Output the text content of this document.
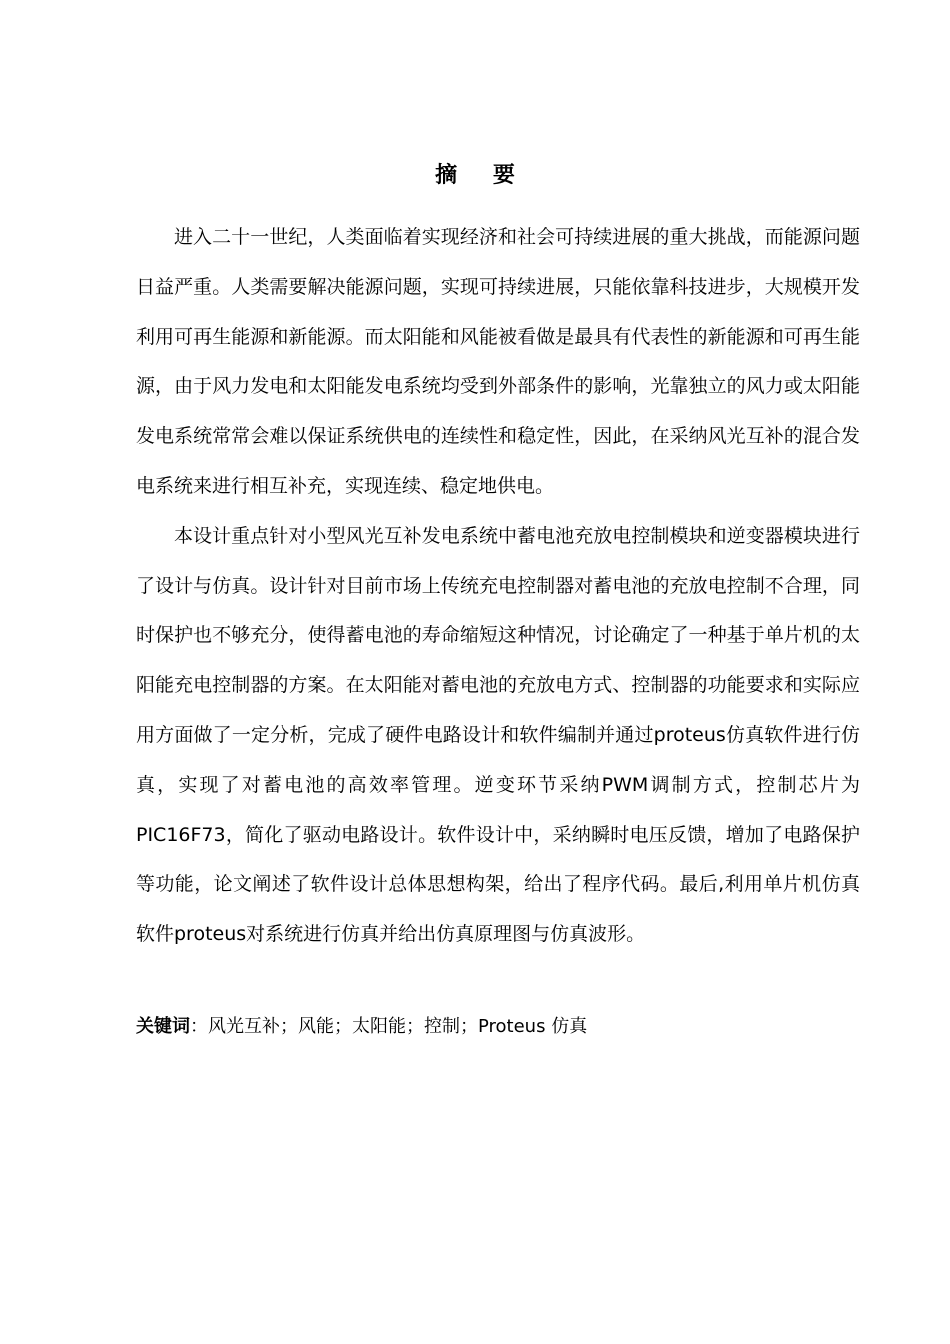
摘 要

进入二十一世纪，人类面临着实现经济和社会可持续进展的重大挑战，而能源问题日益严重。人类需要解决能源问题，实现可持续进展，只能依靠科技进步，大规模开发利用可再生能源和新能源。而太阳能和风能被看做是最具有代表性的新能源和可再生能源，由于风力发电和太阳能发电系统均受到外部条件的影响，光靠独立的风力或太阳能发电系统常常会难以保证系统供电的连续性和稳定性，因此，在采纳风光互补的混合发电系统来进行相互补充，实现连续、稳定地供电。

本设计重点针对小型风光互补发电系统中蓄电池充放电控制模块和逆变器模块进行了设计与仿真。设计针对目前市场上传统充电控制器对蓄电池的充放电控制不合理，同时保护也不够充分，使得蓄电池的寿命缩短这种情况，讨论确定了一种基于单片机的太阳能充电控制器的方案。在太阳能对蓄电池的充放电方式、控制器的功能要求和实际应用方面做了一定分析，完成了硬件电路设计和软件编制并通过proteus仿真软件进行仿真，实现了对蓄电池的高效率管理。逆变环节采纳PWM调制方式，控制芯片为PIC16F73，简化了驱动电路设计。软件设计中，采纳瞬时电压反馈，增加了电路保护等功能，论文阐述了软件设计总体思想构架，给出了程序代码。最后,利用单片机仿真软件proteus对系统进行仿真并给出仿真原理图与仿真波形。

关键词：风光互补；风能；太阳能；控制；Proteus 仿真
